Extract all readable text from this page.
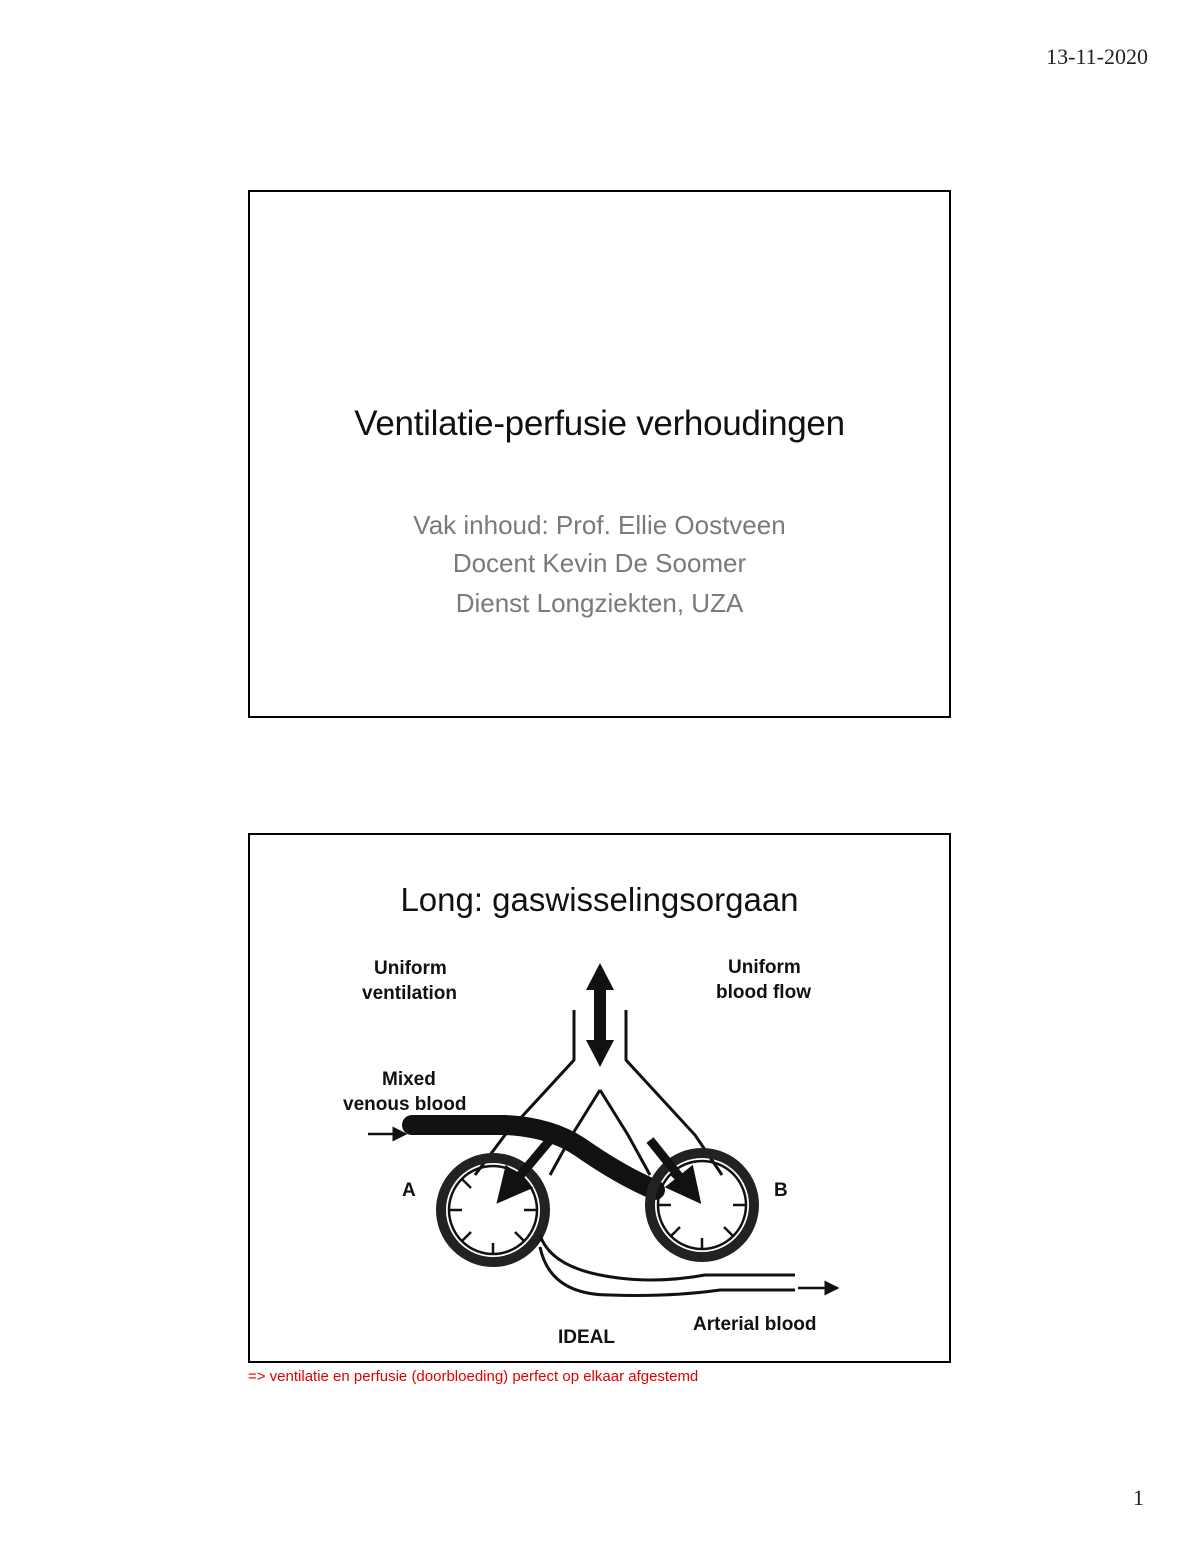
13-11-2020
Ventilatie-perfusie verhoudingen
Vak inhoud: Prof. Ellie Oostveen
Docent Kevin De Soomer
Dienst Longziekten, UZA
Long: gaswisselingsorgaan
Uniform
ventilation
Uniform
blood flow
Mixed
venous blood
A	B
IDEAL
Arterial blood
=> ventilatie en perfusie (doorbloeding) perfect op elkaar afgestemd
1
